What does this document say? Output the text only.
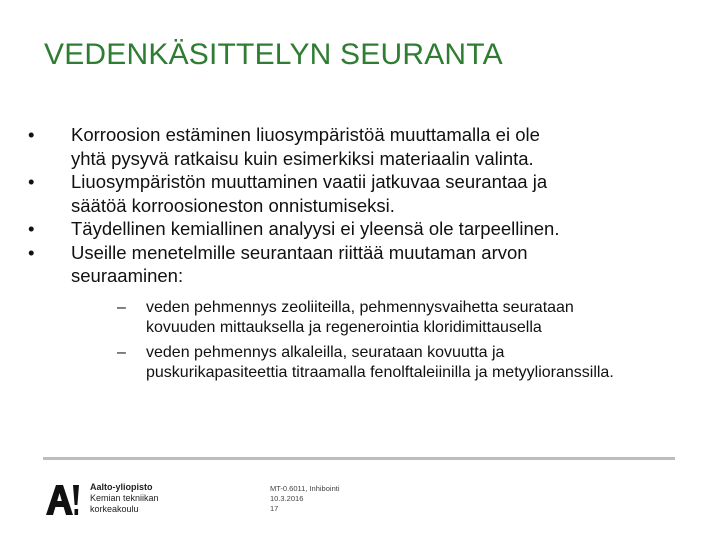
VEDENKÄSITTELYN SEURANTA
•	Korroosion estäminen liuosympäristöä muuttamalla ei ole
yhtä pysyvä ratkaisu kuin esimerkiksi materiaalin valinta.
•	Liuosympäristön muuttaminen vaatii jatkuvaa seurantaa ja
säätöä korroosioneston onnistumiseksi.
•	Täydellinen kemiallinen analyysi ei yleensä ole tarpeellinen.
•	Useille menetelmille seurantaan riittää muutaman arvon
seuraaminen:
–	veden pehmennys zeoliiteilla, pehmennysvaihetta seurataan
kovuuden mittauksella ja regenerointia kloridimittausella
–	veden pehmennys alkaleilla, seurataan kovuutta ja
puskurikapasiteettia titraamalla fenolftaleiinilla ja metyylioranssilla.
Aalto-yliopisto
Kemian tekniikan
korkeakoulu
MT-0.6011, Inhibointi
10.3.2016
17
